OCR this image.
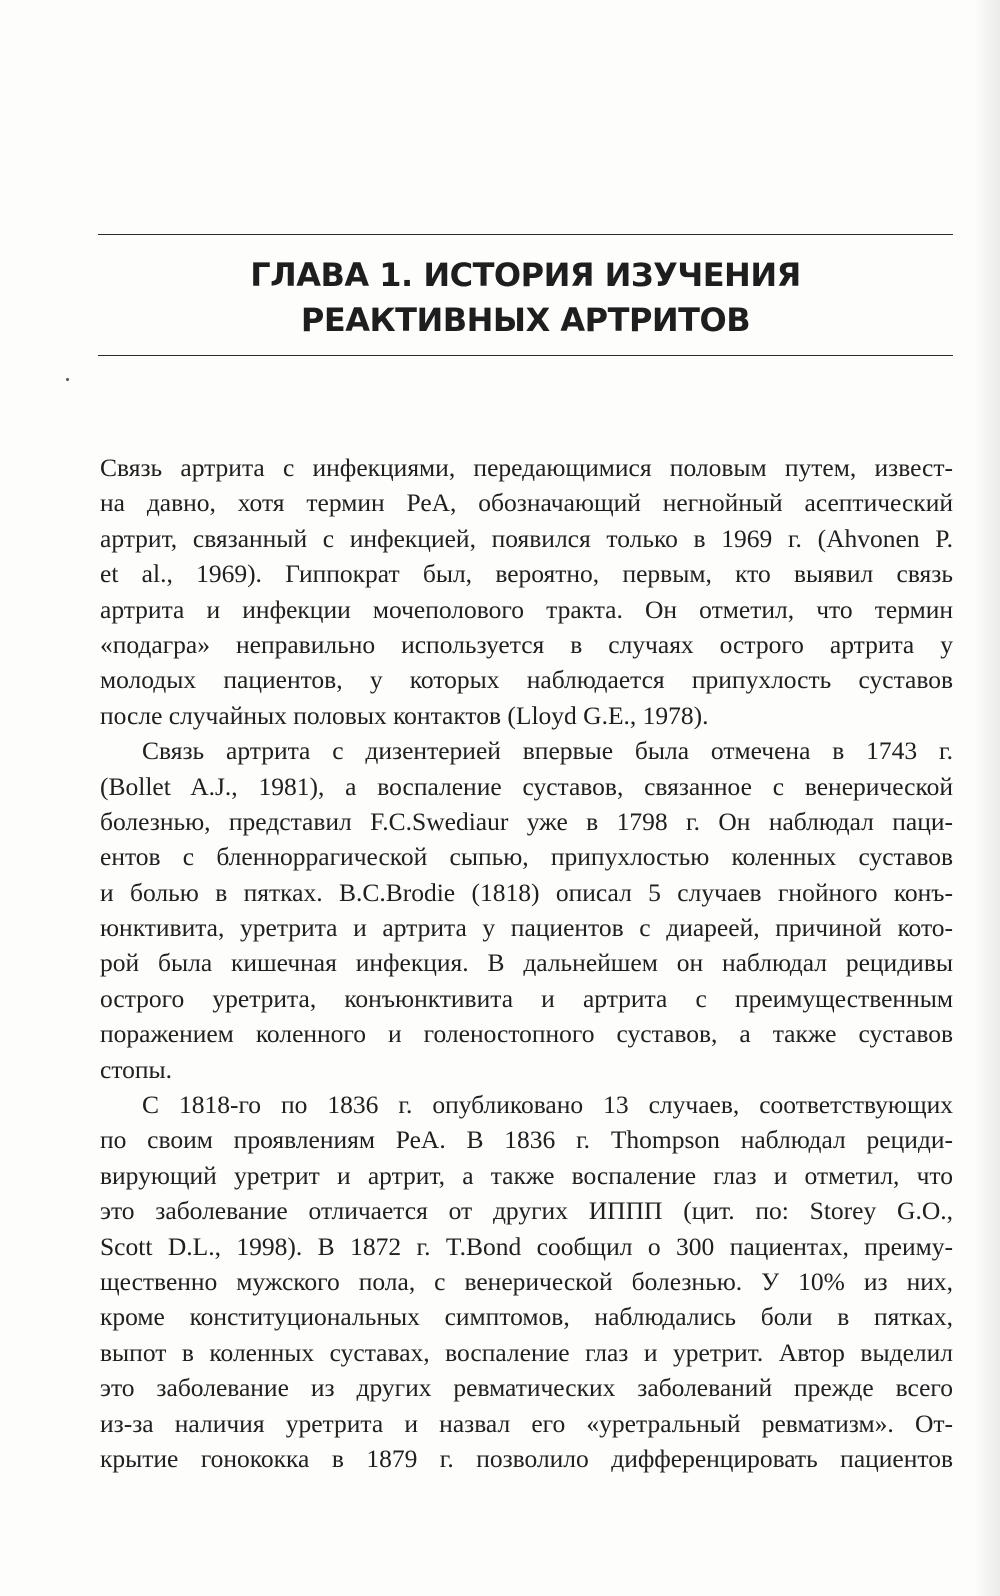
ГЛАВА 1. ИСТОРИЯ ИЗУЧЕНИЯ
РЕАКТИВНЫХ АРТРИТОВ
Связь артрита с инфекциями, передающимися половым путем, извест-
на давно, хотя термин РеА, обозначающий негнойный асептический
артрит, связанный с инфекцией, появился только в 1969 г. (Ahvonen P.
et al., 1969). Гиппократ был, вероятно, первым, кто выявил связь
артрита и инфекции мочеполового тракта. Он отметил, что термин
«подагра» неправильно используется в случаях острого артрита у
молодых пациентов, у которых наблюдается припухлость суставов
после случайных половых контактов (Lloyd G.E., 1978).
Связь артрита с дизентерией впервые была отмечена в 1743 г.
(Bollet A.J., 1981), а воспаление суставов, связанное с венерической
болезнью, представил F.C.Swediaur уже в 1798 г. Он наблюдал паци-
ентов с бленноррагической сыпью, припухлостью коленных суставов
и болью в пятках. B.C.Brodie (1818) описал 5 случаев гнойного конъ-
юнктивита, уретрита и артрита у пациентов с диареей, причиной кото-
рой была кишечная инфекция. В дальнейшем он наблюдал рецидивы
острого уретрита, конъюнктивита и артрита с преимущественным
поражением коленного и голеностопного суставов, а также суставов
стопы.
С 1818-го по 1836 г. опубликовано 13 случаев, соответствующих
по своим проявлениям РеА. В 1836 г. Thompson наблюдал рециди-
вирующий уретрит и артрит, а также воспаление глаз и отметил, что
это заболевание отличается от других ИППП (цит. по: Storey G.O.,
Scott D.L., 1998). В 1872 г. T.Bond сообщил о 300 пациентах, преиму-
щественно мужского пола, с венерической болезнью. У 10% из них,
кроме конституциональных симптомов, наблюдались боли в пятках,
выпот в коленных суставах, воспаление глаз и уретрит. Автор выделил
это заболевание из других ревматических заболеваний прежде всего
из-за наличия уретрита и назвал его «уретральный ревматизм». От-
крытие гонококка в 1879 г. позволило дифференцировать пациентов
